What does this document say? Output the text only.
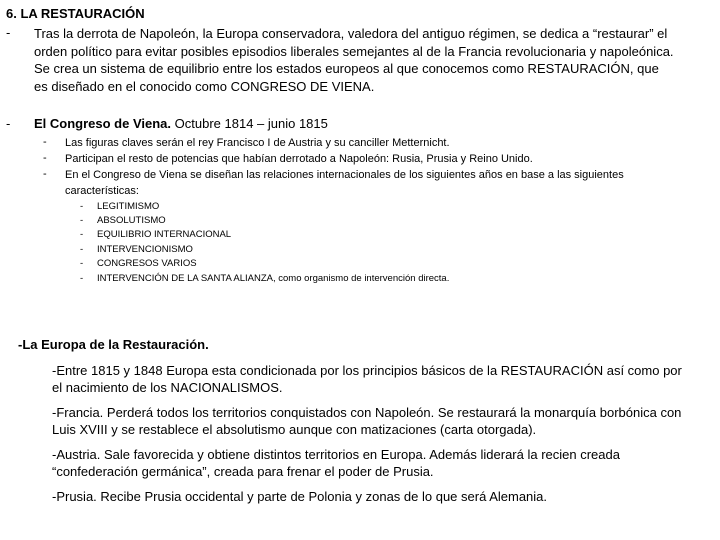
6. LA RESTAURACIÓN
- Tras la derrota de Napoleón, la Europa conservadora, valedora del antiguo régimen, se dedica a “restaurar” el orden político para evitar posibles episodios liberales semejantes al de la Francia revolucionaria y napoleónica. Se crea un sistema de equilibrio entre los estados europeos al que conocemos como RESTAURACIÓN, que es diseñado en el conocido como CONGRESO DE VIENA.
- El Congreso de Viena. Octubre 1814 – junio 1815
- Las figuras claves serán el rey Francisco I de Austria y su canciller Metternicht.
- Participan el resto de potencias que habían derrotado a Napoleón: Rusia, Prusia y Reino Unido.
- En el Congreso de Viena se diseñan las relaciones internacionales de los siguientes años en base a las siguientes características:
- LEGITIMISMO
- ABSOLUTISMO
- EQUILIBRIO INTERNACIONAL
- INTERVENCIONISMO
- CONGRESOS VARIOS
- INTERVENCIÓN DE LA SANTA ALIANZA, como organismo de intervención directa.
-La Europa de la Restauración.
-Entre 1815 y 1848 Europa esta condicionada por los principios básicos de la RESTAURACIÓN así como por el nacimiento de los NACIONALISMOS.
-Francia. Perderá todos los territorios conquistados con Napoleón. Se restaurará la monarquía borbónica con Luis XVIII y se restablece el absolutismo aunque con matizaciones (carta otorgada).
-Austria. Sale favorecida y obtiene distintos territorios en Europa. Además liderará la recien creada “confederación germánica”, creada para frenar el poder de Prusia.
-Prusia. Recibe Prusia occidental y parte de Polonia y zonas de lo que será Alemania.
